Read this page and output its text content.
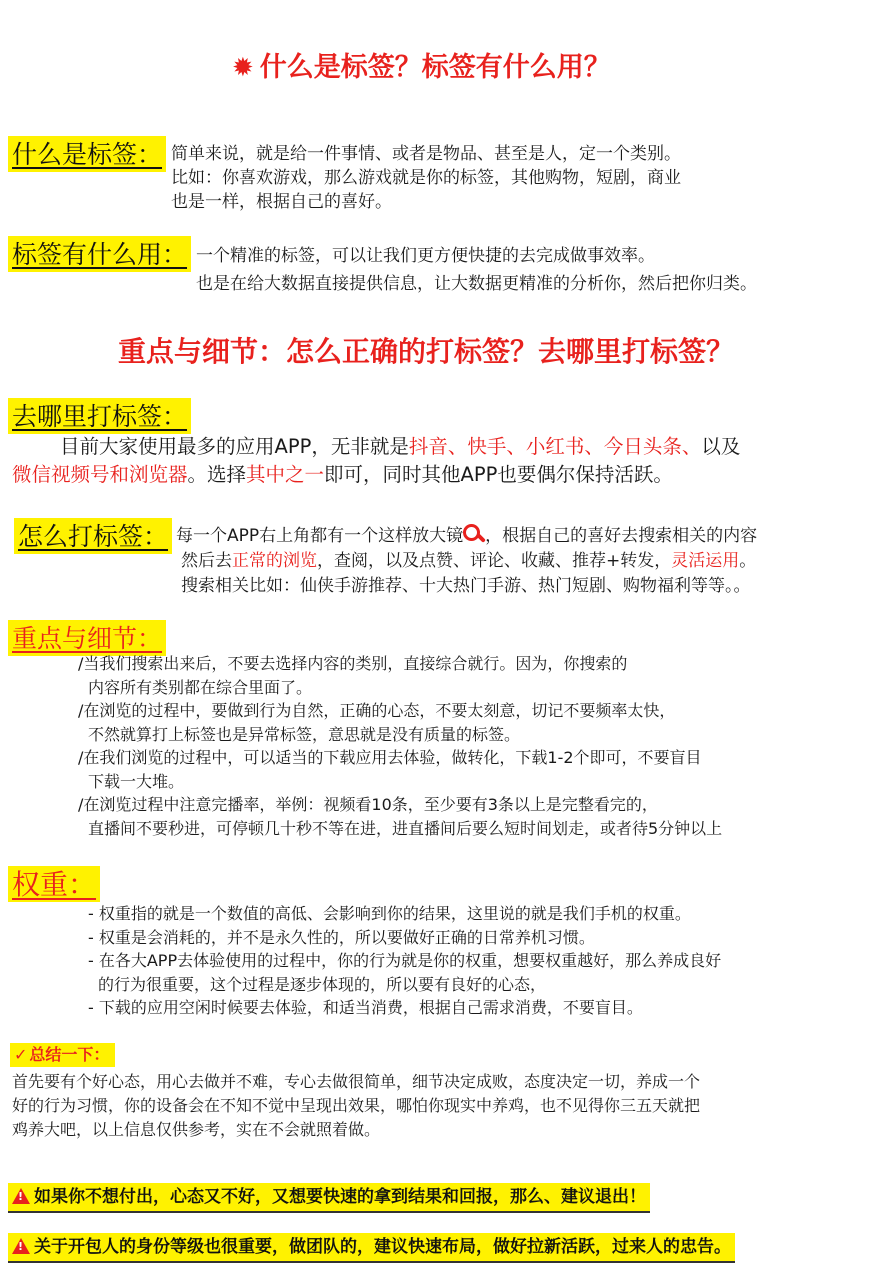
✹ 什么是标签？标签有什么用？
什么是标签： 简单来说，就是给一件事情、或者是物品、甚至是人，定一个类别。
比如：你喜欢游戏，那么游戏就是你的标签，其他购物，短剧，商业
也是一样，根据自己的喜好。
标签有什么用： 一个精准的标签，可以让我们更方便快捷的去完成做事效率。
也是在给大数据直接提供信息，让大数据更精准的分析你，然后把你归类。
重点与细节：怎么正确的打标签？去哪里打标签？
去哪里打标签：
目前大家使用最多的应用APP，无非就是抖音、快手、小红书、今日头条、以及
微信视频号和浏览器。选择其中之一即可，同时其他APP也要偶尔保持活跃。
怎么打标签： 每一个APP右上角都有一个这样放大镜 ，根据自己的喜好去搜索相关的内容
然后去正常的浏览，查阅，以及点赞、评论、收藏、推荐+转发，灵活运用。
搜索相关比如：仙侠手游推荐、十大热门手游、热门短剧、购物福利等等。。
重点与细节：
/当我们搜索出来后，不要去选择内容的类别，直接综合就行。因为，你搜索的
内容所有类别都在综合里面了。
/在浏览的过程中，要做到行为自然，正确的心态，不要太刻意，切记不要频率太快，
不然就算打上标签也是异常标签，意思就是没有质量的标签。
/在我们浏览的过程中，可以适当的下载应用去体验，做转化，下载1-2个即可，不要盲目
下载一大堆。
/在浏览过程中注意完播率，举例：视频看10条，至少要有3条以上是完整看完的，
直播间不要秒进，可停顿几十秒不等在进，进直播间后要么短时间划走，或者待5分钟以上
权重：
- 权重指的就是一个数值的高低、会影响到你的结果，这里说的就是我们手机的权重。
- 权重是会消耗的，并不是永久性的，所以要做好正确的日常养机习惯。
- 在各大APP去体验使用的过程中，你的行为就是你的权重，想要权重越好，那么养成良好
的行为很重要，这个过程是逐步体现的，所以要有良好的心态，
- 下载的应用空闲时候要去体验，和适当消费，根据自己需求消费，不要盲目。
✓ 总结一下：
首先要有个好心态，用心去做并不难，专心去做很简单，细节决定成败，态度决定一切，养成一个
好的行为习惯，你的设备会在不知不觉中呈现出效果，哪怕你现实中养鸡，也不见得你三五天就把
鸡养大吧，以上信息仅供参考，实在不会就照着做。
!如果你不想付出，心态又不好，又想要快速的拿到结果和回报，那么、建议退出！
!关于开包人的身份等级也很重要，做团队的，建议快速布局，做好拉新活跃，过来人的忠告。
